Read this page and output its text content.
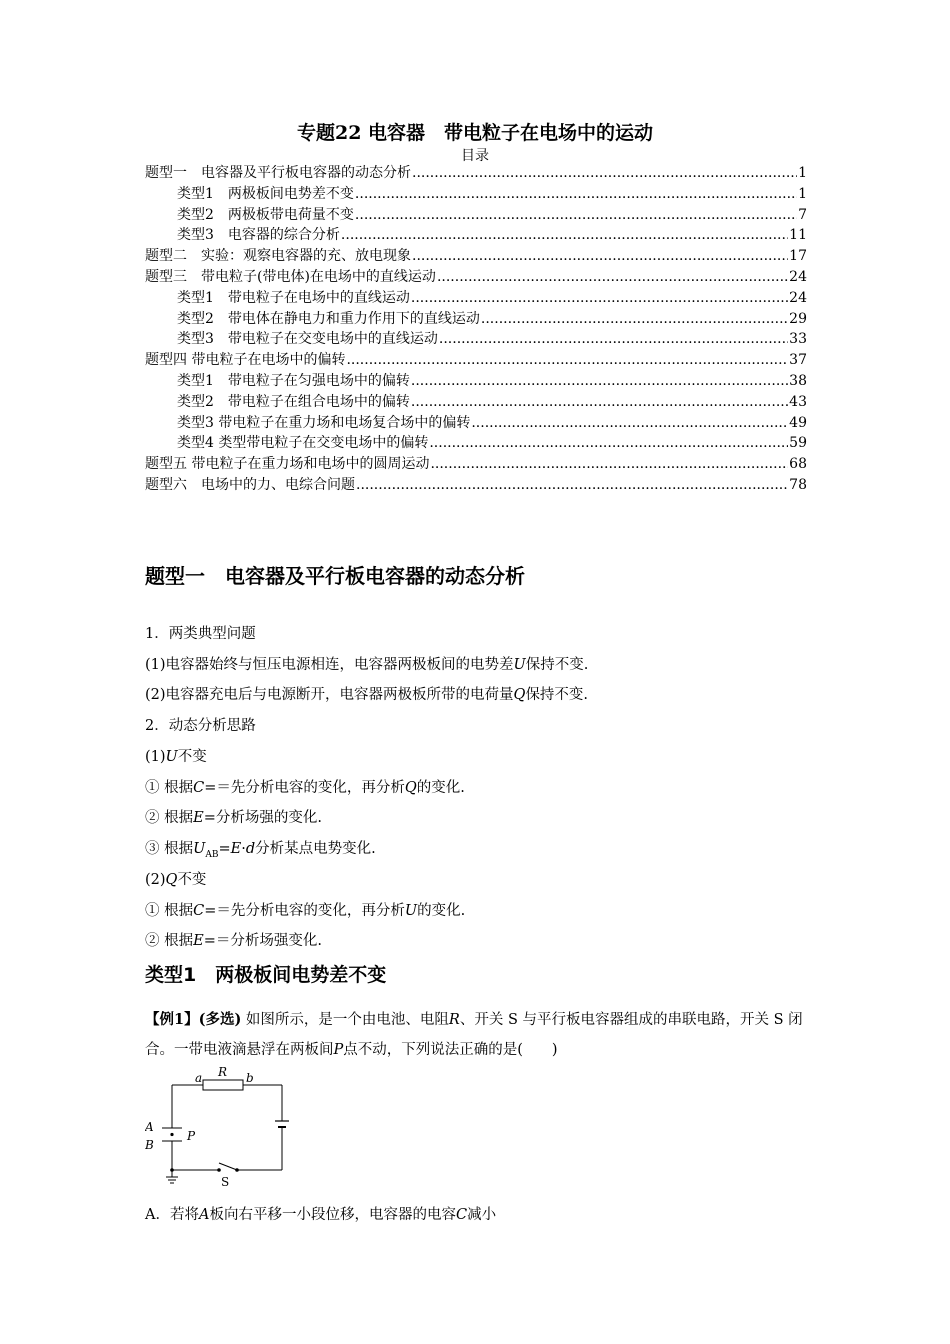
专题22 电容器　带电粒子在电场中的运动
目录
题型一　电容器及平行板电容器的动态分析 .....	1
类型1　两极板间电势差不变 .....	1
类型2　两极板带电荷量不变 .....	7
类型3　电容器的综合分析 .....	11
题型二　实验：观察电容器的充、放电现象 .....	17
题型三　带电粒子(带电体)在电场中的直线运动 .....	24
类型1　带电粒子在电场中的直线运动 .....	24
类型2　带电体在静电力和重力作用下的直线运动 .....	29
类型3　带电粒子在交变电场中的直线运动 .....	33
题型四 带电粒子在电场中的偏转 .....	37
类型1　带电粒子在匀强电场中的偏转 .....	38
类型2　带电粒子在组合电场中的偏转 .....	43
类型3 带电粒子在重力场和电场复合场中的偏转 .....	49
类型4 类型带电粒子在交变电场中的偏转 .....	59
题型五 带电粒子在重力场和电场中的圆周运动 .....	68
题型六　电场中的力、电综合问题 .....	78
题型一　电容器及平行板电容器的动态分析
1．两类典型问题
(1)电容器始终与恒压电源相连，电容器两极板间的电势差U保持不变.
(2)电容器充电后与电源断开，电容器两极板所带的电荷量Q保持不变.
2．动态分析思路
(1)U不变
① 根据C=＝先分析电容的变化，再分析Q的变化.
② 根据E=分析场强的变化.
③ 根据$U_{AB}=E\cdot d$分析某点电势变化.
(2)Q不变
① 根据C=＝先分析电容的变化，再分析U的变化.
② 根据E=＝分析场强变化.
类型1　两极板间电势差不变
【例1】(多选) 如图所示，是一个由电池、电阻R、开关 S 与平行板电容器组成的串联电路，开关 S 闭合。一带电液滴悬浮在两板间P点不动，下列说法正确的是(　　)
a R b
A
B
P
S
A．若将A板向右平移一小段位移，电容器的电容C减小
